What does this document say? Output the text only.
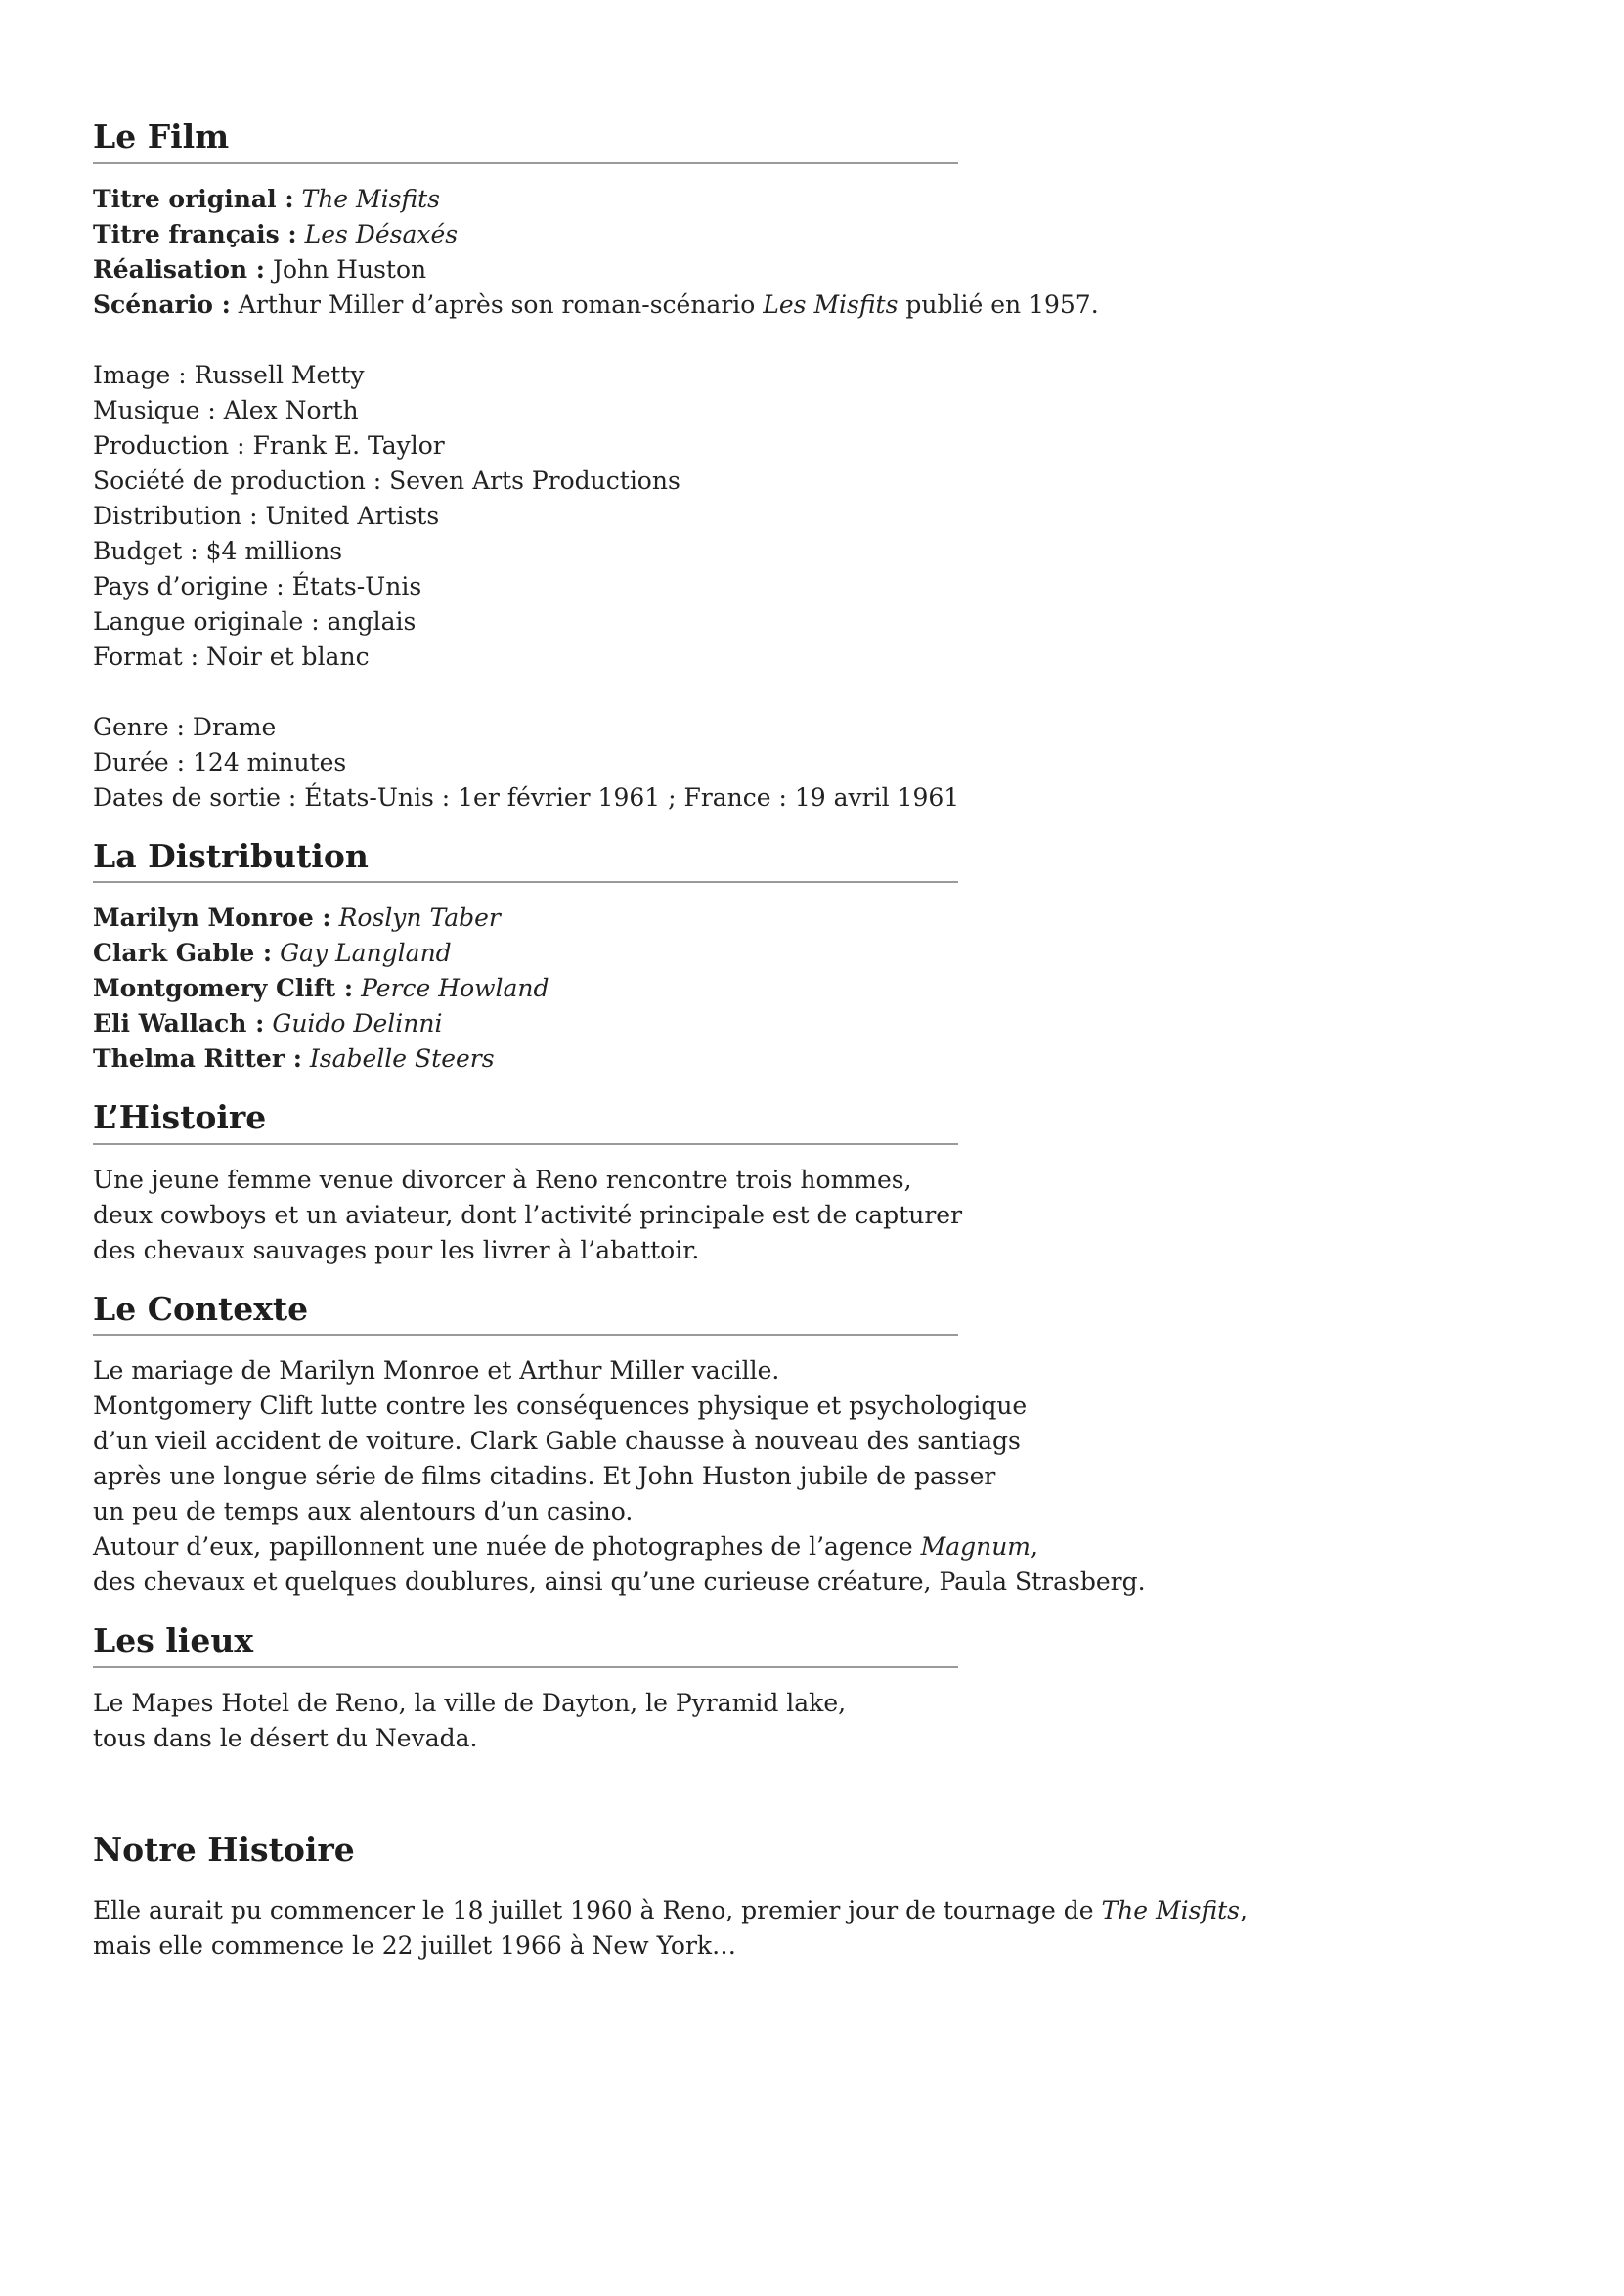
Le Film

Titre original : The Misfits

Titre français : Les Désaxés

Réalisation : John Huston

Scénario : Arthur Miller d’après son roman-scénario Les Misfits publié en 1957.

Image : Russell Metty

Musique : Alex North

Production : Frank E. Taylor

Société de production : Seven Arts Productions

Distribution : United Artists

Budget : $4 millions

Pays d’origine : États-Unis

Langue originale : anglais

Format : Noir et blanc

Genre : Drame

Durée : 124 minutes

Dates de sortie : États-Unis : 1er février 1961 ; France : 19 avril 1961

La Distribution

Marilyn Monroe : Roslyn Taber

Clark Gable : Gay Langland

Montgomery Clift : Perce Howland

Eli Wallach : Guido Delinni

Thelma Ritter : Isabelle Steers

L’Histoire

Une jeune femme venue divorcer à Reno rencontre trois hommes,

deux cowboys et un aviateur, dont l’activité principale est de capturer

des chevaux sauvages pour les livrer à l’abattoir.

Le Contexte

Le mariage de Marilyn Monroe et Arthur Miller vacille.

Montgomery Clift lutte contre les conséquences physique et psychologique

d’un vieil accident de voiture. Clark Gable chausse à nouveau des santiags

après une longue série de films citadins. Et John Huston jubile de passer

un peu de temps aux alentours d’un casino.

Autour d’eux, papillonnent une nuée de photographes de l’agence Magnum,

des chevaux et quelques doublures, ainsi qu’une curieuse créature, Paula Strasberg.

Les lieux

Le Mapes Hotel de Reno, la ville de Dayton, le Pyramid lake,

tous dans le désert du Nevada.

Notre Histoire

Elle aurait pu commencer le 18 juillet 1960 à Reno, premier jour de tournage de The Misfits,

mais elle commence le 22 juillet 1966 à New York…
